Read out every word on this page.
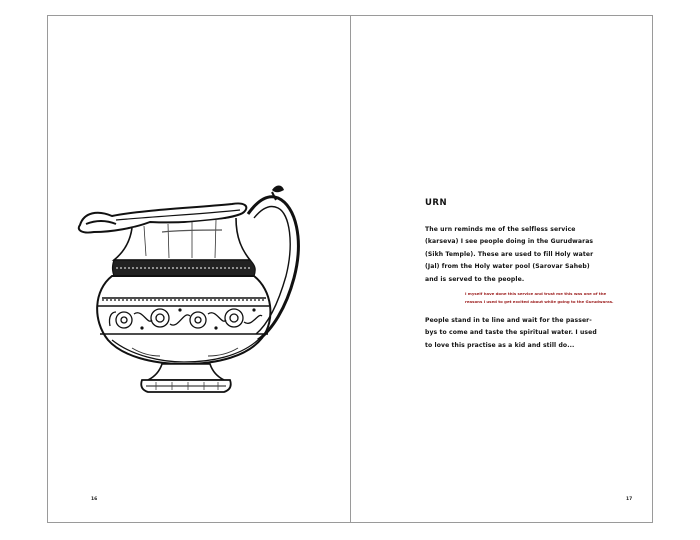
16
URN

The urn reminds me of the selfless service
(karseva) I see people doing in the Gurudwaras
(Sikh Temple). These are used to fill Holy water
(Jal) from the Holy water pool (Sarovar Saheb)
and is served to the people.

I myself have done this service and trust me this was one of the
reasons I used to get excited about while going to the Gurudwaras.

People stand in te line and wait for the passer-
bys to come and taste the spiritual water. I used
to love this practise as a kid and still do...

17
